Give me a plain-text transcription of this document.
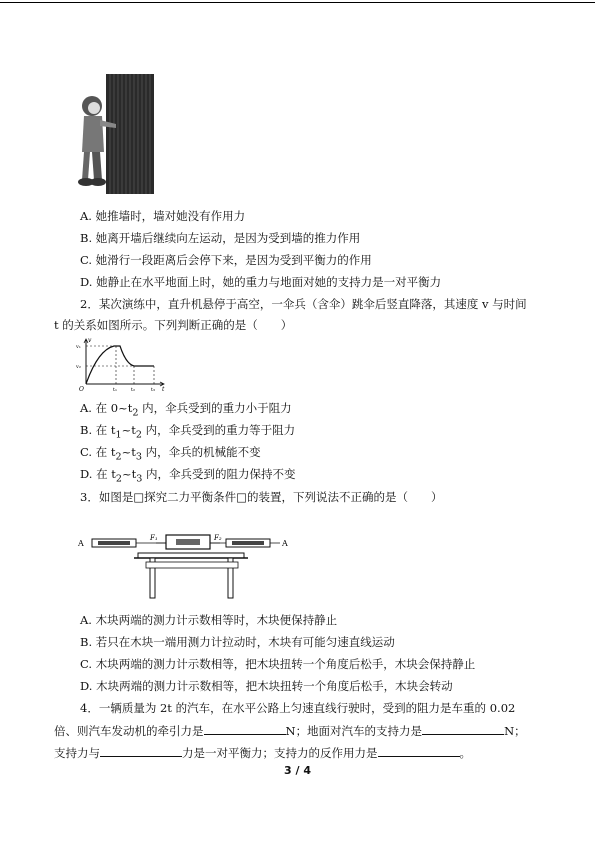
A. 她推墙时，墙对她没有作用力
B. 她离开墙后继续向左运动，是因为受到墙的推力作用
C. 她滑行一段距离后会停下来，是因为受到平衡力的作用
D. 她静止在水平地面上时，她的重力与地面对她的支持力是一对平衡力
2．某次演练中，直升机悬停于高空，一伞兵（含伞）跳伞后竖直降落，其速度 v 与时间
t 的关系如图所示。下列判断正确的是（　　）
v
t
O
v₁
v₂
t₁	t₂	t₃
A. 在 $0\sim t_2$ 内，伞兵受到的重力小于阻力
B. 在 $t_1\sim t_2$ 内，伞兵受到的重力等于阻力
C. 在 $t_2\sim t_3$ 内，伞兵的机械能不变
D. 在 $t_2\sim t_3$ 内，伞兵受到的阻力保持不变
3．如图是□探究二力平衡条件□的装置，下列说法不正确的是（　　）
A	A
F₁	F₂
A. 木块两端的测力计示数相等时，木块便保持静止
B. 若只在木块一端用测力计拉动时，木块有可能匀速直线运动
C. 木块两端的测力计示数相等，把木块扭转一个角度后松手，木块会保持静止
D. 木块两端的测力计示数相等，把木块扭转一个角度后松手，木块会转动
4．一辆质量为 2t 的汽车，在水平公路上匀速直线行驶时，受到的阻力是车重的 0.02
倍、则汽车发动机的牵引力是	N；地面对汽车的支持力是	N；
支持力与	力是一对平衡力；支持力的反作用力是	。
3 / 4
